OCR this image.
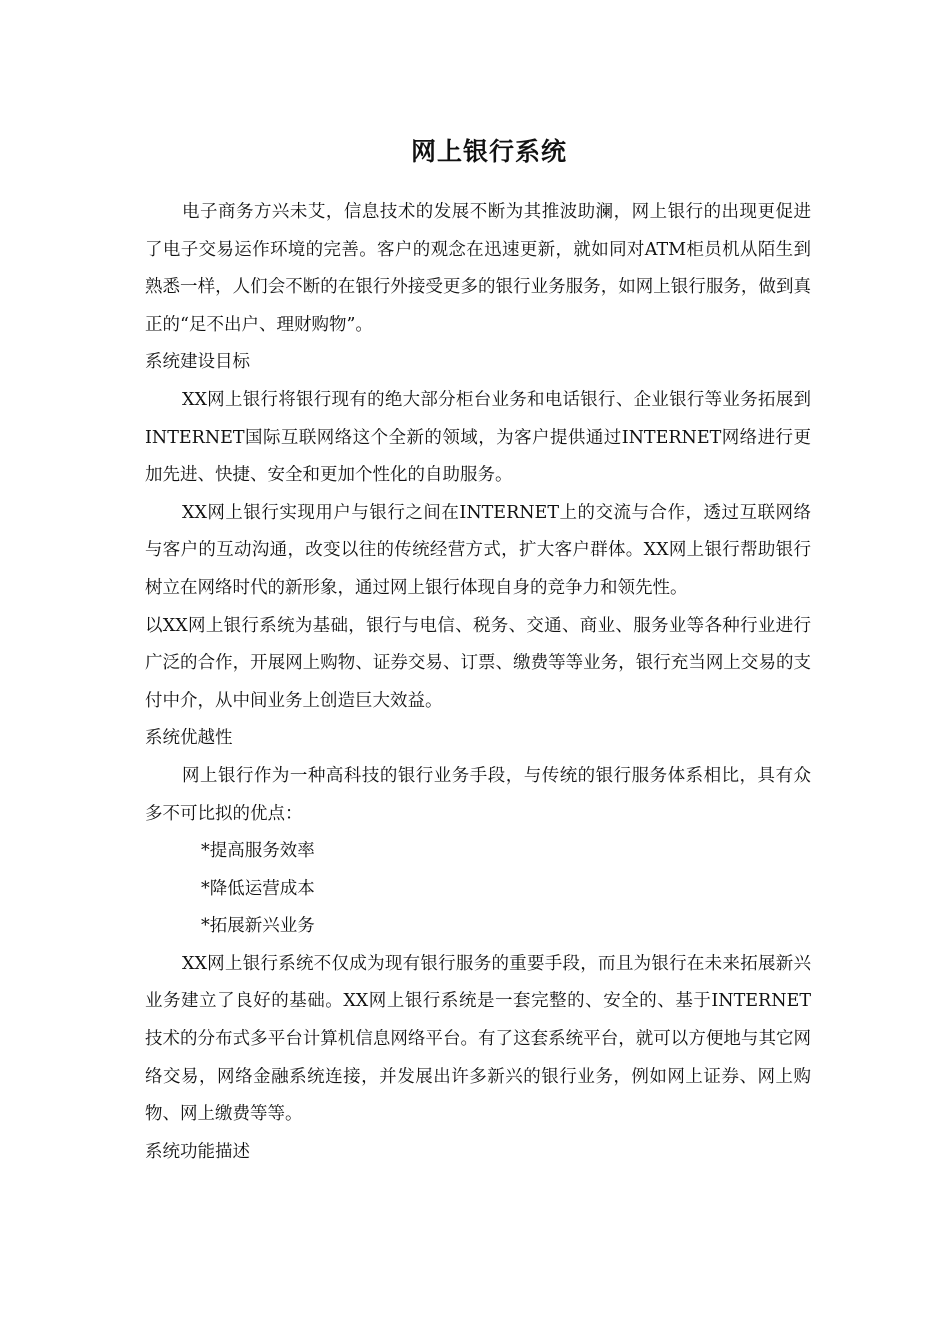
网上银行系统

电子商务方兴未艾，信息技术的发展不断为其推波助澜，网上银行的出现更促进了电子交易运作环境的完善。客户的观念在迅速更新，就如同对ATM柜员机从陌生到熟悉一样，人们会不断的在银行外接受更多的银行业务服务，如网上银行服务，做到真正的“足不出户、理财购物”。

系统建设目标

XX网上银行将银行现有的绝大部分柜台业务和电话银行、企业银行等业务拓展到INTERNET国际互联网络这个全新的领域，为客户提供通过INTERNET网络进行更加先进、快捷、安全和更加个性化的自助服务。

XX网上银行实现用户与银行之间在INTERNET上的交流与合作，透过互联网络与客户的互动沟通，改变以往的传统经营方式，扩大客户群体。XX网上银行帮助银行树立在网络时代的新形象，通过网上银行体现自身的竞争力和领先性。

以XX网上银行系统为基础，银行与电信、税务、交通、商业、服务业等各种行业进行广泛的合作，开展网上购物、证券交易、订票、缴费等等业务，银行充当网上交易的支付中介，从中间业务上创造巨大效益。

系统优越性

网上银行作为一种高科技的银行业务手段，与传统的银行服务体系相比，具有众多不可比拟的优点：

*提高服务效率

*降低运营成本

*拓展新兴业务

XX网上银行系统不仅成为现有银行服务的重要手段，而且为银行在未来拓展新兴业务建立了良好的基础。XX网上银行系统是一套完整的、安全的、基于INTERNET技术的分布式多平台计算机信息网络平台。有了这套系统平台，就可以方便地与其它网络交易，网络金融系统连接，并发展出许多新兴的银行业务，例如网上证券、网上购物、网上缴费等等。

系统功能描述
